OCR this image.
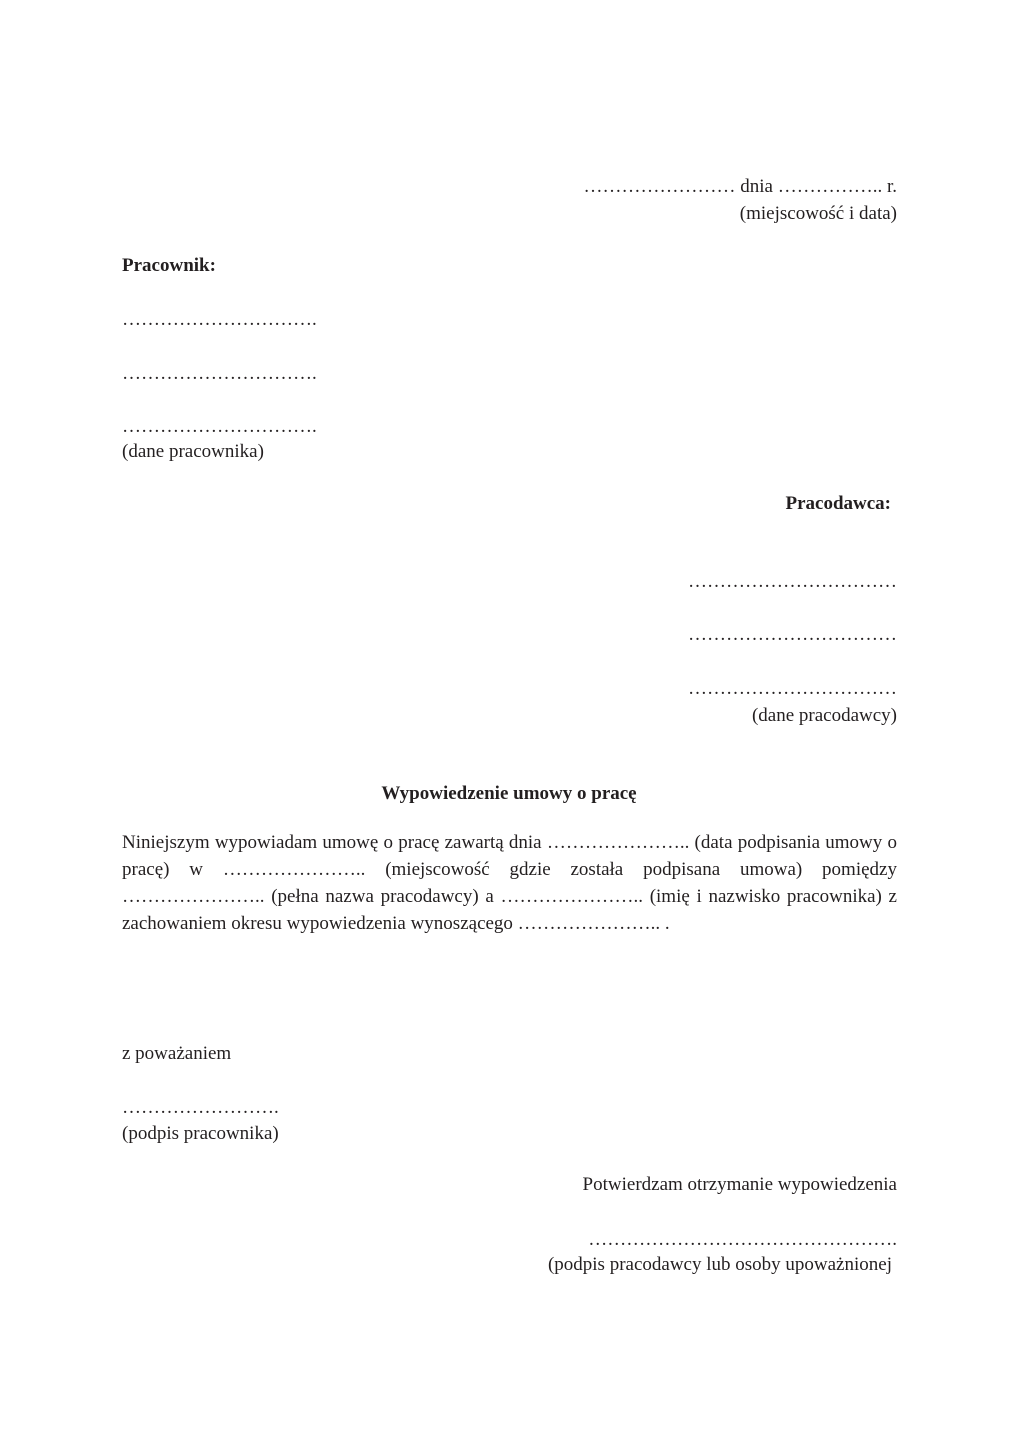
…………………… dnia …………….. r.
(miejscowość i data)
Pracownik:
………………………….
………………………….
………………………….
(dane pracownika)
Pracodawca:
……………………………
……………………………
……………………………
(dane pracodawcy)
Wypowiedzenie umowy o pracę
Niniejszym wypowiadam umowę o pracę zawartą dnia ………………….. (data podpisania umowy o pracę) w ………………….. (miejscowość gdzie została podpisana umowa) pomiędzy ………………….. (pełna nazwa pracodawcy) a ………………….. (imię i nazwisko pracownika) z zachowaniem okresu wypowiedzenia wynoszącego ………………….. .
z poważaniem
…………………….
(podpis pracownika)
Potwierdzam otrzymanie wypowiedzenia
………………………………………….
(podpis pracodawcy lub osoby upoważnionej
